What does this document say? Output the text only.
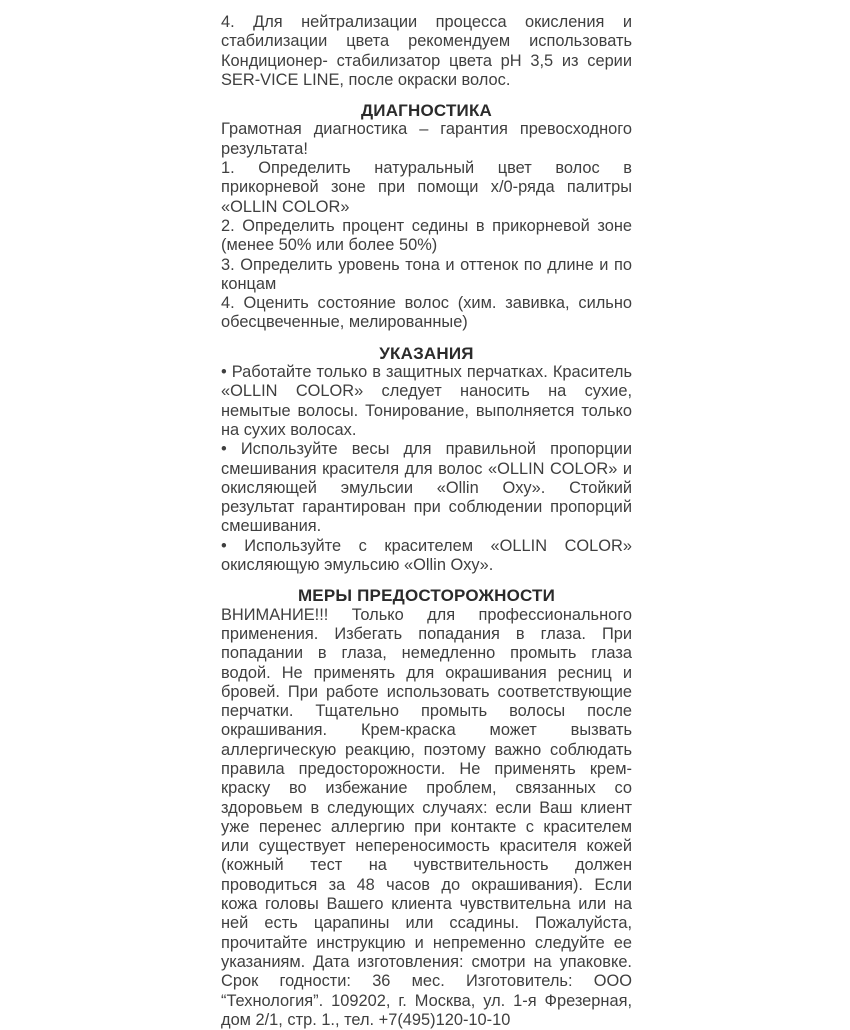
4. Для нейтрализации процесса окисления и стабилизации цвета рекомендуем использовать Кондиционер- стабилизатор цвета pH 3,5 из серии SER-VICE LINE, после окраски волос.

ДИАГНОСТИКА

Грамотная диагностика – гарантия превосходного результата!

1. Определить натуральный цвет волос в прикорневой зоне при помощи х/0-ряда палитры «OLLIN COLOR»

2. Определить процент седины в прикорневой зоне (менее 50% или более 50%)

3. Определить уровень тона и оттенок по длине и по концам

4. Оценить состояние волос (хим. завивка, сильно обесцвеченные, мелированные)

УКАЗАНИЯ

• Работайте только в защитных перчатках. Краситель «OLLIN COLOR» следует наносить на сухие, немытые волосы. Тонирование, выполняется только на сухих волосах.

• Используйте весы для правильной пропорции смешивания красителя для волос «OLLIN COLOR» и окисляющей эмульсии «Ollin Oxy». Стойкий результат гарантирован при соблюдении пропорций смешивания.

• Используйте с красителем «OLLIN COLOR» окисляющую эмульсию «Ollin Oxy».

МЕРЫ ПРЕДОСТОРОЖНОСТИ

ВНИМАНИЕ!!! Только для профессионального применения. Избегать попадания в глаза. При попадании в глаза, немедленно промыть глаза водой. Не применять для окрашивания ресниц и бровей. При работе использовать соответствующие перчатки. Тщательно промыть волосы после окрашивания. Крем-краска может вызвать аллергическую реакцию, поэтому важно соблюдать правила предосторожности. Не применять крем-краску во избежание проблем, связанных со здоровьем в следующих случаях: если Ваш клиент уже перенес аллергию при контакте с красителем или существует непереносимость красителя кожей (кожный тест на чувствительность должен проводиться за 48 часов до окрашивания). Если кожа головы Вашего клиента чувствительна или на ней есть царапины или ссадины. Пожалуйста, прочитайте инструкцию и непременно следуйте ее указаниям. Дата изготовления: смотри на упаковке. Срок годности: 36 мес. Изготовитель: ООО “Технология”. 109202, г. Москва, ул. 1-я Фрезерная, дом 2/1, стр. 1., тел. +7(495)120-10-10
